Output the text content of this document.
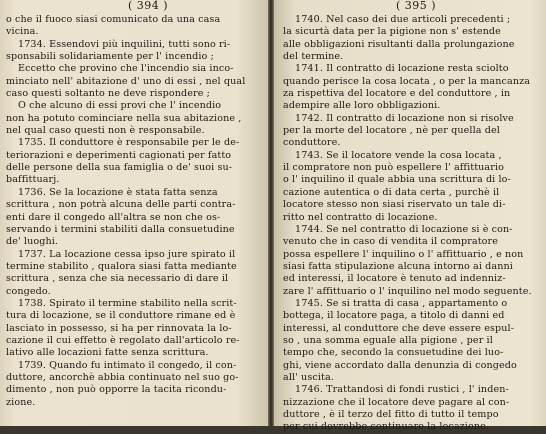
( 394 )
o che il fuoco siasi comunicato da una casa
vicina.
1734. Essendovi più inquilini, tutti sono ri-
sponsabili solidariamente per l' incendio ;
Eccetto che provino che l'incendio sia inco-
minciato nell' abitazione d' uno di essi , nel qual
caso questi soltanto ne deve rispondere ;
O che alcuno di essi provi che l' incendio
non ha potuto cominciare nella sua abitazione ,
nel qual caso questi non è responsabile.
1735. Il conduttore è responsabile per le de-
teriorazioni e deperimenti cagionati per fatto
delle persone della sua famiglia o de' suoi su-
baffittuarj.
1736. Se la locazione è stata fatta senza
scrittura , non potrà alcuna delle parti contra-
enti dare il congedo all'altra se non che os-
servando i termini stabiliti dalla consuetudine
de' luoghi.
1737. La locazione cessa ipso jure spirato il
termine stabilito , qualora siasi fatta mediante
scrittura , senza che sia necessario di dare il
congedo.
1738. Spirato il termine stabilito nella scrit-
tura di locazione, se il conduttore rimane ed è
lasciato in possesso, si ha per rinnovata la lo-
cazione il cui effetto è regolato dall'articolo re-
lativo alle locazioni fatte senza scrittura.
1739. Quando fu intimato il congedo, il con-
duttore, ancorchè abbia continuato nel suo go-
dimento , non può opporre la tacita ricondu-
zione.
( 395 )
1740. Nel caso dei due articoli precedenti ;
la sicurtà data per la pigione non s' estende
alle obbligazioni risultanti dalla prolungazione
del termine.
1741. Il contratto di locazione resta sciolto
quando perisce la cosa locata , o per la mancanza
za rispettiva del locatore e del conduttore , in
adempire alle loro obbligazioni.
1742. Il contratto di locazione non si risolve
per la morte del locatore , nè per quella del
conduttore.
1743. Se il locatore vende la cosa locata ,
il compratore non può espellere l' affittuario
o l' inquilino il quale abbia una scrittura di lo-
cazione autentica o di data certa , purchè il
locatore stesso non siasi riservato un tale di-
ritto nel contratto di locazione.
1744. Se nel contratto di locazione si è con-
venuto che in caso di vendita il compratore
possa espellere l' inquilino o l' affittuario , e non
siasi fatta stipulazione alcuna intorno ai danni
ed interessi, il locatore è tenuto ad indenniz-
zare l' affittuario o l' inquilino nel modo seguente.
1745. Se si tratta di casa , appartamento o
bottega, il locatore paga, a titolo di danni ed
interessi, al conduttore che deve essere espul-
so , una somma eguale alla pigione , per il
tempo che, secondo la consuetudine dei luo-
ghi, viene accordato dalla denunzia di congedo
all' uscita.
1746. Trattandosi di fondi rustici , l' inden-
nizzazione che il locatore deve pagare al con-
duttore , è il terzo del fitto di tutto il tempo
per cui dovrebbe continuare la locazione.
